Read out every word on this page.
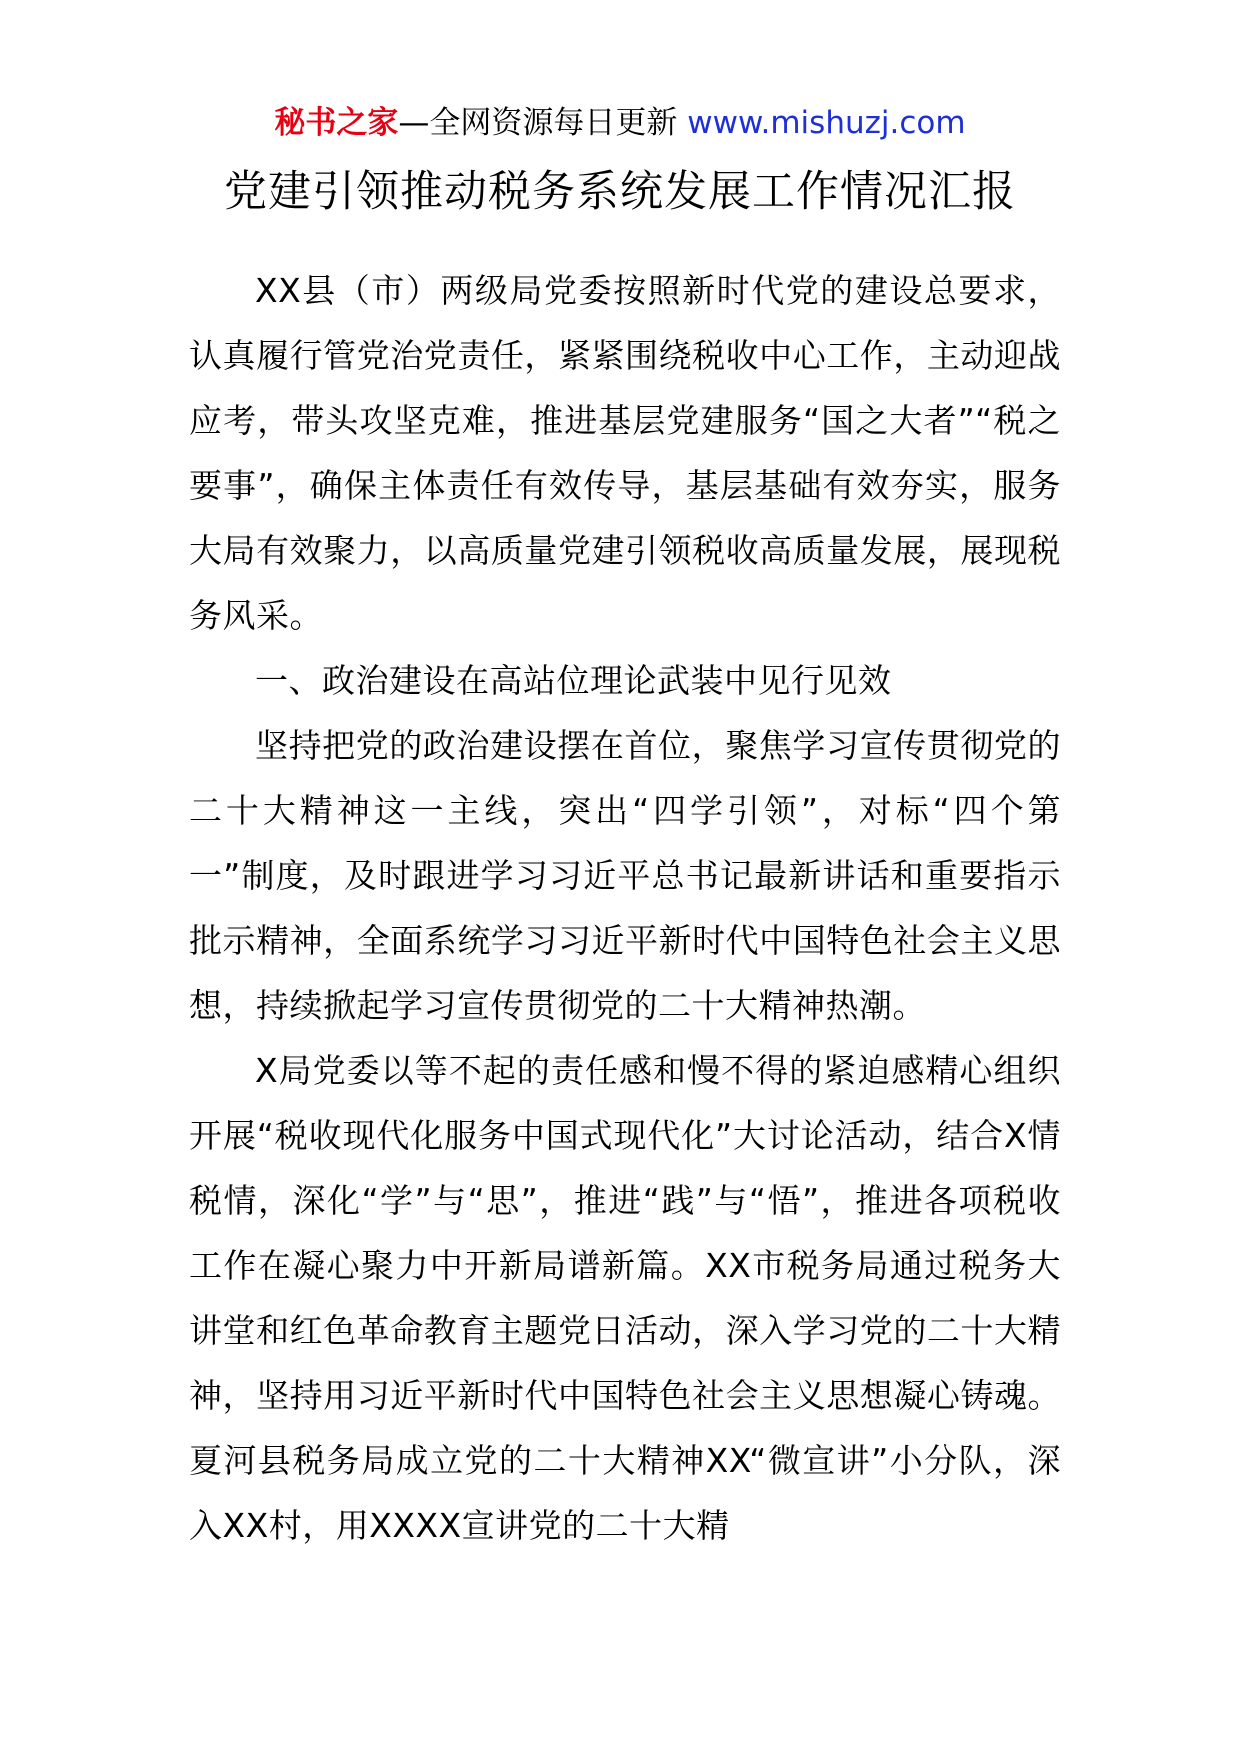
秘书之家—全网资源每日更新 www.mishuzj.com
党建引领推动税务系统发展工作情况汇报

XX县（市）两级局党委按照新时代党的建设总要求，认真履行管党治党责任，紧紧围绕税收中心工作，主动迎战应考，带头攻坚克难，推进基层党建服务“国之大者”“税之要事”，确保主体责任有效传导，基层基础有效夯实，服务大局有效聚力，以高质量党建引领税收高质量发展，展现税务风采。

一、政治建设在高站位理论武装中见行见效

坚持把党的政治建设摆在首位，聚焦学习宣传贯彻党的二十大精神这一主线，突出“四学引领”，对标“四个第一”制度，及时跟进学习习近平总书记最新讲话和重要指示批示精神，全面系统学习习近平新时代中国特色社会主义思想，持续掀起学习宣传贯彻党的二十大精神热潮。

X局党委以等不起的责任感和慢不得的紧迫感精心组织开展“税收现代化服务中国式现代化”大讨论活动，结合X情税情，深化“学”与“思”，推进“践”与“悟”，推进各项税收工作在凝心聚力中开新局谱新篇。XX市税务局通过税务大讲堂和红色革命教育主题党日活动，深入学习党的二十大精神，坚持用习近平新时代中国特色社会主义思想凝心铸魂。夏河县税务局成立党的二十大精神XX“微宣讲”小分队，深入XX村，用XXXX宣讲党的二十大精
